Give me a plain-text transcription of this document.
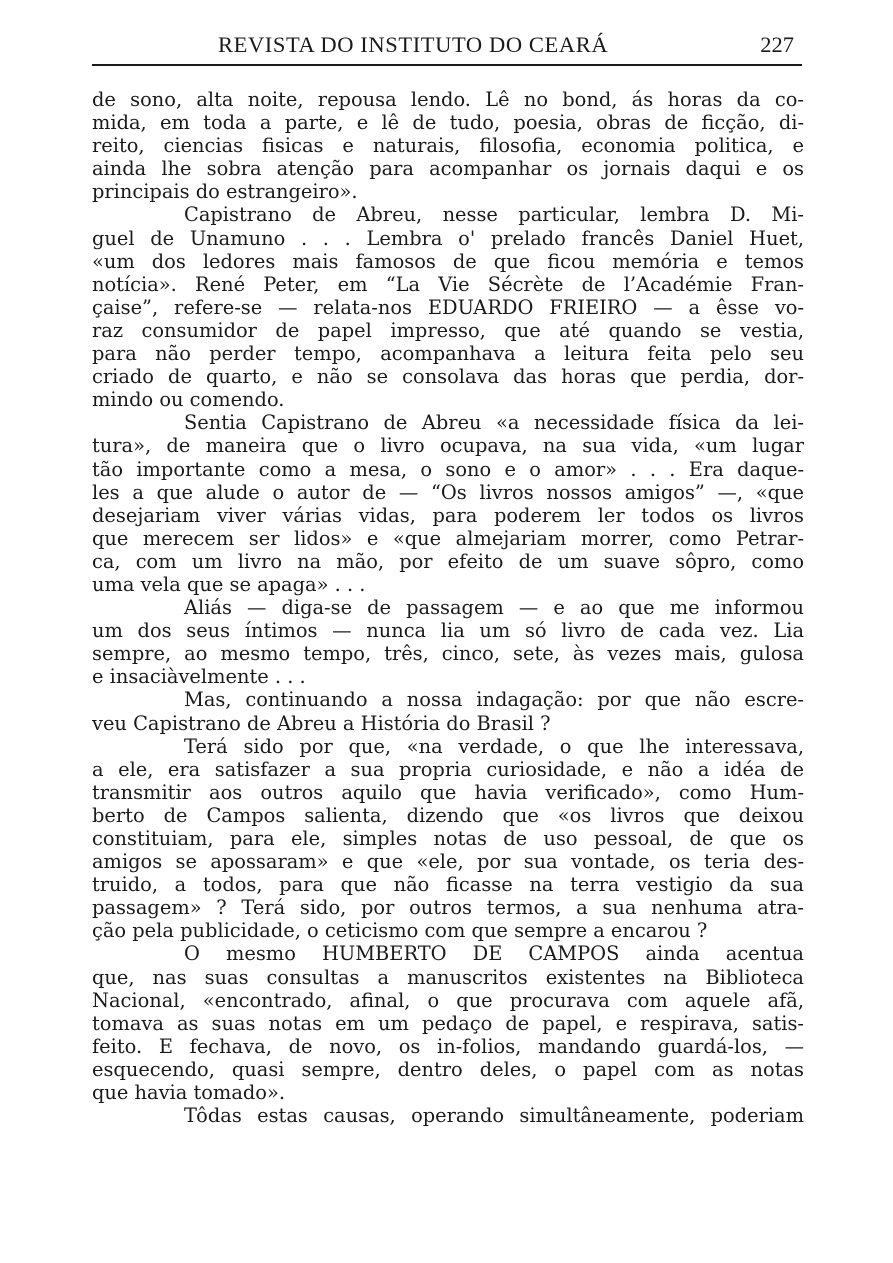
REVISTA DO INSTITUTO DO CEARÁ	227
de sono, alta noite, repousa lendo. Lê no bond, ás horas da co-
mida, em toda a parte, e lê de tudo, poesia, obras de ficção, di-
reito, ciencias fisicas e naturais, filosofia, economia politica, e
ainda lhe sobra atenção para acompanhar os jornais daqui e os
principais do estrangeiro».
Capistrano de Abreu, nesse particular, lembra D. Mi-
guel de Unamuno . . . Lembra o' prelado francês Daniel Huet,
«um dos ledores mais famosos de que ficou memória e temos
notícia». René Peter, em “La Vie Sécrète de l’Académie Fran-
çaise”, refere-se — relata-nos EDUARDO FRIEIRO — a êsse vo-
raz consumidor de papel impresso, que até quando se vestia,
para não perder tempo, acompanhava a leitura feita pelo seu
criado de quarto, e não se consolava das horas que perdia, dor-
mindo ou comendo.
Sentia Capistrano de Abreu «a necessidade física da lei-
tura», de maneira que o livro ocupava, na sua vida, «um lugar
tão importante como a mesa, o sono e o amor» . . . Era daque-
les a que alude o autor de — “Os livros nossos amigos” —, «que
desejariam viver várias vidas, para poderem ler todos os livros
que merecem ser lidos» e «que almejariam morrer, como Petrar-
ca, com um livro na mão, por efeito de um suave sôpro, como
uma vela que se apaga» . . .
Aliás — diga-se de passagem — e ao que me informou
um dos seus íntimos — nunca lia um só livro de cada vez. Lia
sempre, ao mesmo tempo, três, cinco, sete, às vezes mais, gulosa
e insaciàvelmente . . .
Mas, continuando a nossa indagação: por que não escre-
veu Capistrano de Abreu a História do Brasil ?
Terá sido por que, «na verdade, o que lhe interessava,
a ele, era satisfazer a sua propria curiosidade, e não a idéa de
transmitir aos outros aquilo que havia verificado», como Hum-
berto de Campos salienta, dizendo que «os livros que deixou
constituiam, para ele, simples notas de uso pessoal, de que os
amigos se apossaram» e que «ele, por sua vontade, os teria des-
truido, a todos, para que não ficasse na terra vestigio da sua
passagem» ? Terá sido, por outros termos, a sua nenhuma atra-
ção pela publicidade, o ceticismo com que sempre a encarou ?
O mesmo HUMBERTO DE CAMPOS ainda acentua
que, nas suas consultas a manuscritos existentes na Biblioteca
Nacional, «encontrado, afinal, o que procurava com aquele afã,
tomava as suas notas em um pedaço de papel, e respirava, satis-
feito. E fechava, de novo, os in-folios, mandando guardá-los, —
esquecendo, quasi sempre, dentro deles, o papel com as notas
que havia tomado».
Tôdas estas causas, operando simultâneamente, poderiam
